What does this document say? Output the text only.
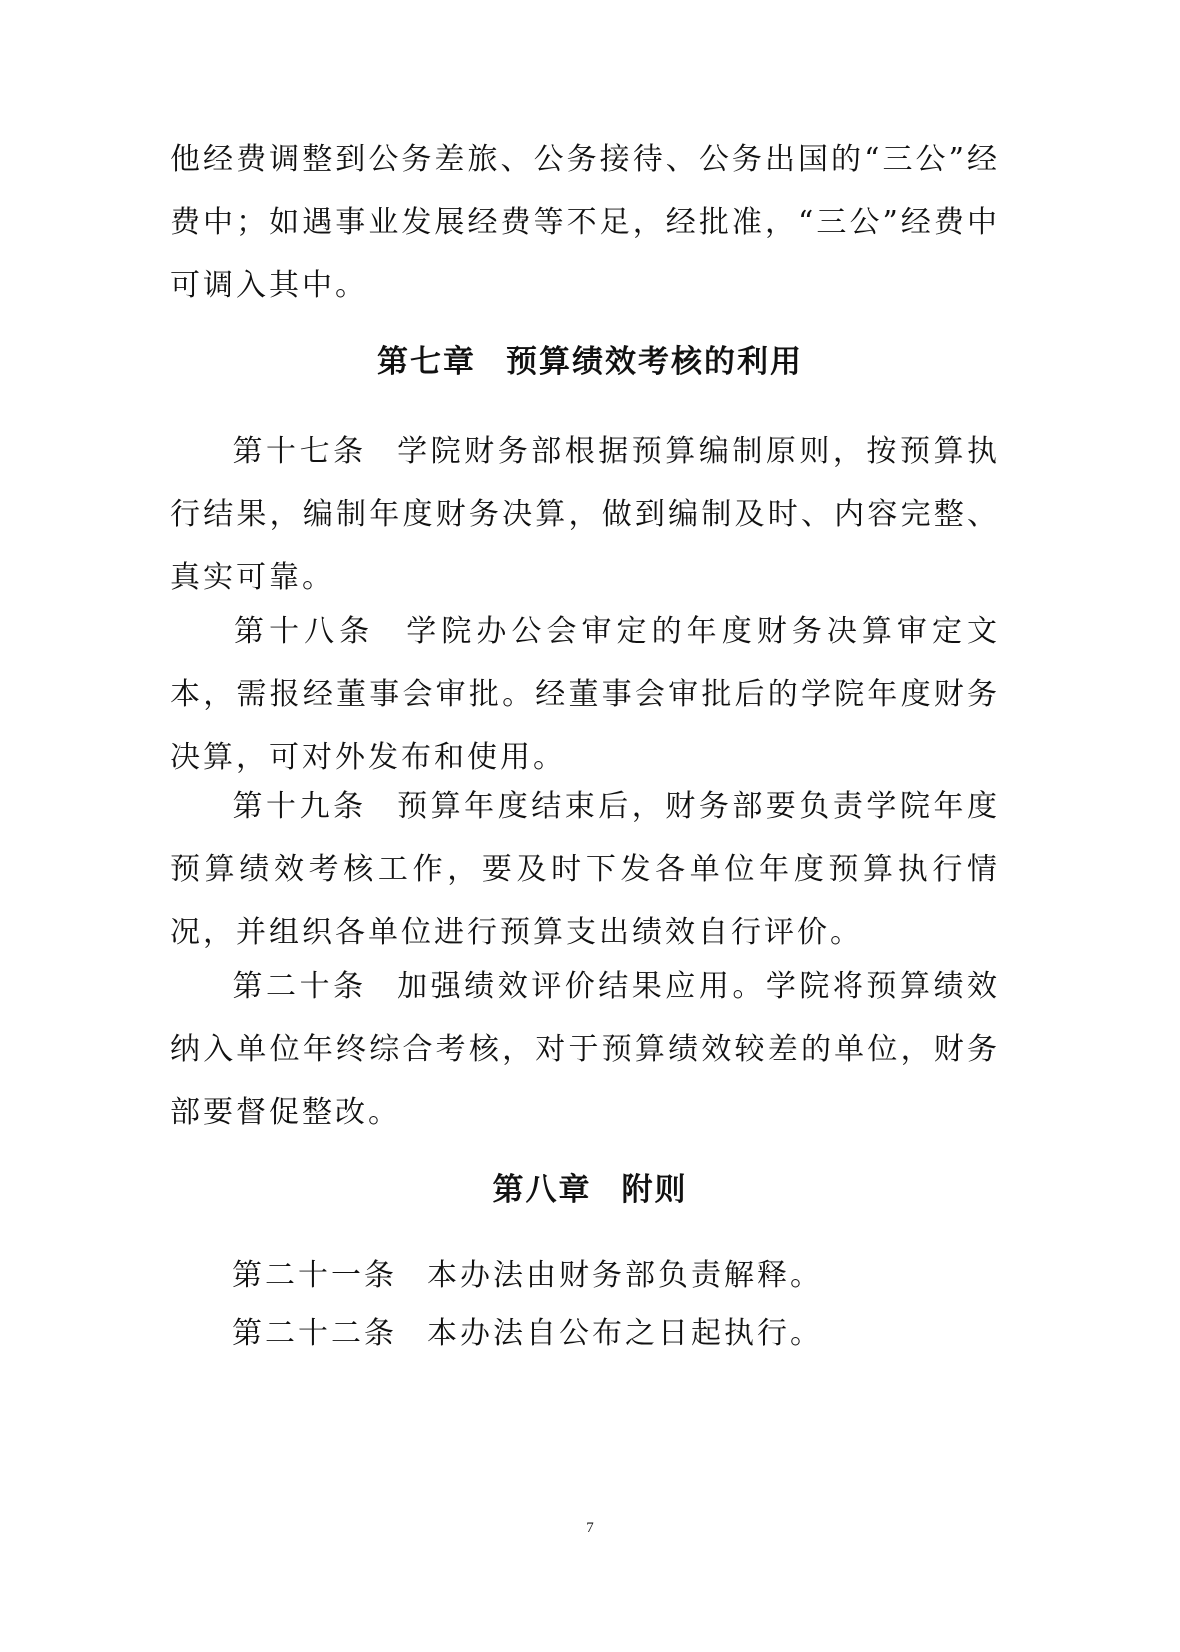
他经费调整到公务差旅、公务接待、公务出国的“三公”经费中；如遇事业发展经费等不足，经批准，“三公”经费中可调入其中。

第七章 预算绩效考核的利用

第十七条 学院财务部根据预算编制原则，按预算执行结果，编制年度财务决算，做到编制及时、内容完整、真实可靠。

第十八条 学院办公会审定的年度财务决算审定文本，需报经董事会审批。经董事会审批后的学院年度财务决算，可对外发布和使用。

第十九条 预算年度结束后，财务部要负责学院年度预算绩效考核工作，要及时下发各单位年度预算执行情况，并组织各单位进行预算支出绩效自行评价。

第二十条 加强绩效评价结果应用。学院将预算绩效纳入单位年终综合考核，对于预算绩效较差的单位，财务部要督促整改。

第八章 附则

第二十一条 本办法由财务部负责解释。

第二十二条 本办法自公布之日起执行。

7
